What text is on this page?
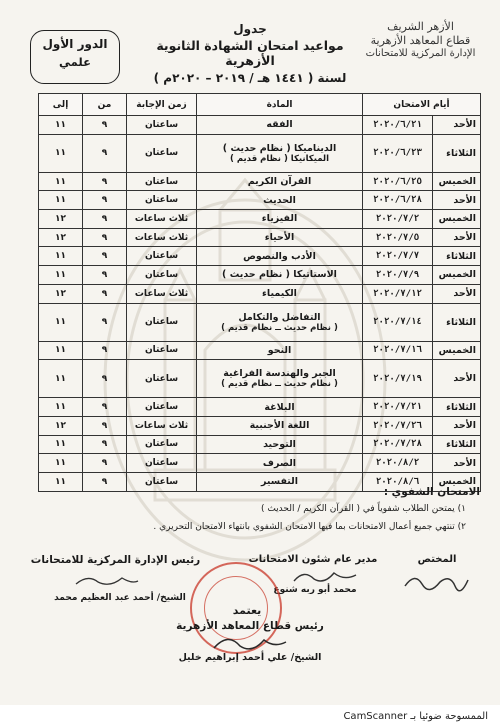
الأزهر الشريف
قطاع المعاهد الأزهرية
الإدارة المركزية للامتحانات
جدول
مواعيد امتحان الشهادة الثانوية الأزهرية
لسنة ( ١٤٤١ هـ / ٢٠١٩ – ٢٠٢٠م )
الدور الأول
علمي
أيام الامتحان		المادة	زمن الإجابة	من	إلى
الأحد	٢٠٢٠/٦/٢١	الفقه	ساعتان	٩	١١
الثلاثاء	٢٠٢٠/٦/٢٣	الديناميكا ( نظام حديث )
الميكانيكا ( نظام قديم )	ساعتان	٩	١١
الخميس	٢٠٢٠/٦/٢٥	القرآن الكريم	ساعتان	٩	١١
الأحد	٢٠٢٠/٦/٢٨	الحديث	ساعتان	٩	١١
الخميس	٢٠٢٠/٧/٢	الفيزياء	ثلاث ساعات	٩	١٢
الأحد	٢٠٢٠/٧/٥	الأحياء	ثلاث ساعات	٩	١٢
الثلاثاء	٢٠٢٠/٧/٧	الأدب والنصوص	ساعتان	٩	١١
الخميس	٢٠٢٠/٧/٩	الاستاتيكا ( نظام حديث )	ساعتان	٩	١١
الأحد	٢٠٢٠/٧/١٢	الكيمياء	ثلاث ساعات	٩	١٢
الثلاثاء	٢٠٢٠/٧/١٤	التفاضل والتكامل
( نظام حديث ــ نظام قديم )	ساعتان	٩	١١
الخميس	٢٠٢٠/٧/١٦	النحو	ساعتان	٩	١١
الأحد	٢٠٢٠/٧/١٩	الجبر والهندسة الفراغية
( نظام حديث ــ نظام قديم )	ساعتان	٩	١١
الثلاثاء	٢٠٢٠/٧/٢١	البلاغة	ساعتان	٩	١١
الأحد	٢٠٢٠/٧/٢٦	اللغة الأجنبية	ثلاث ساعات	٩	١٢
الثلاثاء	٢٠٢٠/٧/٢٨	التوحيد	ساعتان	٩	١١
الأحد	٢٠٢٠/٨/٢	الصرف	ساعتان	٩	١١
الخميس	٢٠٢٠/٨/٦	التفسير	ساعتان	٩	١١
الامتحان الشفوي :
١) يمتحن الطلاب شفوياً في ( القرآن الكريم / الحديث )
٢) تنتهي جميع أعمال الامتحانات بما فيها الامتحان الشفوي بانتهاء الامتحان التحريري .
المختص
مدير عام شئون الامتحانات
محمد أبو ربه شنوع
رئيس الإدارة المركزية للامتحانات
الشيخ/ أحمد عبد العظيم محمد
يعتمد
رئيس قطاع المعاهد الأزهرية
الشيخ/ علي أحمد إبراهيم خليل
الممسوحة ضوئيا بـ CamScanner
